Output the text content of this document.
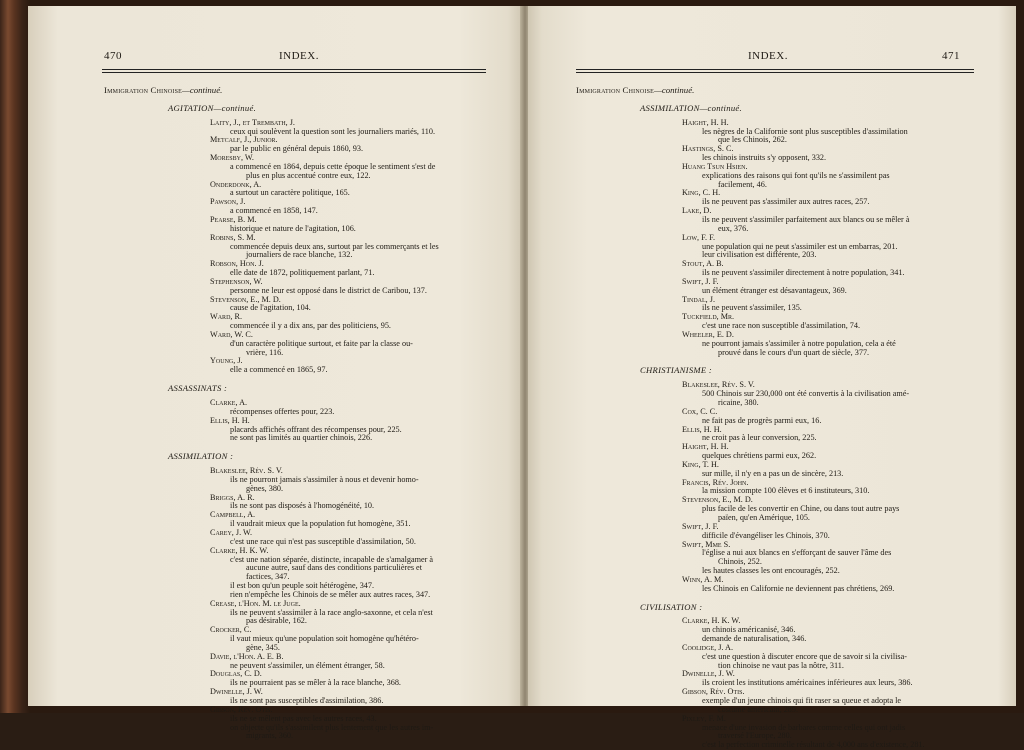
470	INDEX.
Immigration Chinoise—continué.
AGITATION—continué.
Laity, J., et Trembath, J.
ceux qui soulèvent la question sont les journaliers mariés, 110.
Metcalf, J., Junior.
par le public en général depuis 1860, 93.
Moresby, W.
a commencé en 1864, depuis cette époque le sentiment s'est de
plus en plus accentué contre eux, 122.
Onderdonk, A.
a surtout un caractère politique, 165.
Pawson, J.
a commencé en 1858, 147.
Pearse, B. M.
historique et nature de l'agitation, 106.
Robins, S. M.
commencée depuis deux ans, surtout par les commerçants et les
journaliers de race blanche, 132.
Robson, Hon. J.
elle date de 1872, politiquement parlant, 71.
Stephenson, W.
personne ne leur est opposé dans le district de Caribou, 137.
Stevenson, E., M. D.
cause de l'agitation, 104.
Ward, R.
commencée il y a dix ans, par des politiciens, 95.
Ward, W. C.
d'un caractère politique surtout, et faite par la classe ou-
vrière, 116.
Young, J.
elle a commencé en 1865, 97.
ASSASSINATS :
Clarke, A.
récompenses offertes pour, 223.
Ellis, H. H.
placards affichés offrant des récompenses pour, 225.
ne sont pas limités au quartier chinois, 226.
ASSIMILATION :
Blakeslee, Rév. S. V.
ils ne pourront jamais s'assimiler à nous et devenir homo-
gènes, 380.
Briggs, A. R.
ils ne sont pas disposés à l'homogénéité, 10.
Campbell, A.
il vaudrait mieux que la population fut homogène, 351.
Carey, J. W.
c'est une race qui n'est pas susceptible d'assimilation, 50.
Clarke, H. K. W.
c'est une nation séparée, distincte, incapable de s'amalgamer à
aucune autre, sauf dans des conditions particulières et
factices, 347.
il est bon qu'un peuple soit hétérogène, 347.
rien n'empêche les Chinois de se mêler aux autres races, 347.
Crease, l'Hon. M. le Juge.
ils ne peuvent s'assimiler à la race anglo-saxonne, et cela n'est
pas désirable, 162.
Crocker, C.
il vaut mieux qu'une population soit homogène qu'hétéro-
gène, 345.
Davie, l'Hon. A. E. B.
ne peuvent s'assimiler, un élément étranger, 58.
Douglas, C. D.
ils ne pourraient pas se mêler à la race blanche, 368.
Dwinelle, J. W.
ils ne sont pas susceptibles d'assimilation, 386.
Gibson, Rév. Otis.
ils ne se mêlent pas avec les autres races, 43.
on objecte qu'ils s'assimilent plus lentement que les autres im-
migrants, 360.
INDEX.	471
Immigration Chinoise—continué.
ASSIMILATION—continué.
Haight, H. H.
les nègres de la Californie sont plus susceptibles d'assimilation
que les Chinois, 262.
Hastings, S. C.
les chinois instruits s'y opposent, 332.
Huang Tsun Hsien.
explications des raisons qui font qu'ils ne s'assimilent pas
facilement, 46.
King, C. H.
ils ne peuvent pas s'assimiler aux autres races, 257.
Lake, D.
ils ne peuvent s'assimiler parfaitement aux blancs ou se mêler à
eux, 376.
Low, F. F.
une population qui ne peut s'assimiler est un embarras, 201.
leur civilisation est différente, 203.
Stout, A. B.
ils ne peuvent s'assimiler directement à notre population, 341.
Swift, J. F.
un élément étranger est désavantageux, 369.
Tindal, J.
ils ne peuvent s'assimiler, 135.
Tuckfield, Mr.
c'est une race non susceptible d'assimilation, 74.
Wheeler, E. D.
ne pourront jamais s'assimiler à notre population, cela a été
prouvé dans le cours d'un quart de siècle, 377.
CHRISTIANISME :
Blakeslee, Rév. S. V.
500 Chinois sur 230,000 ont été convertis à la civilisation amé-
ricaine, 380.
Cox, C. C.
ne fait pas de progrès parmi eux, 16.
Ellis, H. H.
ne croit pas à leur conversion, 225.
Haight, H. H.
quelques chrétiens parmi eux, 262.
King, T. H.
sur mille, il n'y en a pas un de sincère, 213.
Francis, Rév. John.
la mission compte 100 élèves et 6 instituteurs, 310.
Stevenson, E., M. D.
plus facile de les convertir en Chine, ou dans tout autre pays
païen, qu'en Amérique, 105.
Swift, J. F.
difficile d'évangéliser les Chinois, 370.
Swift, Mme S.
l'église a nui aux blancs en s'efforçant de sauver l'âme des
Chinois, 252.
les hautes classes les ont encouragés, 252.
Winn, A. M.
les Chinois en Californie ne deviennent pas chrétiens, 269.
CIVILISATION :
Clarke, H. K. W.
un chinois américanisé, 346.
demande de naturalisation, 346.
Coolidge, J. A.
c'est une question à discuter encore que de savoir si la civilisa-
tion chinoise ne vaut pas la nôtre, 311.
Dwinelle, J. W.
ils croient les institutions américaines inférieures aux leurs, 386.
Gibson, Rév. Otis.
exemple d'un jeune chinois qui fit raser sa queue et adopta le
costume américain, 289.
Pixley, F. M.
menace d'une invasion de barbares comme celles qui ont jadis
traversé l'Europe, 280.
c'est la perfection criminelle résultant de 4,000 ans d'existence, 281.
